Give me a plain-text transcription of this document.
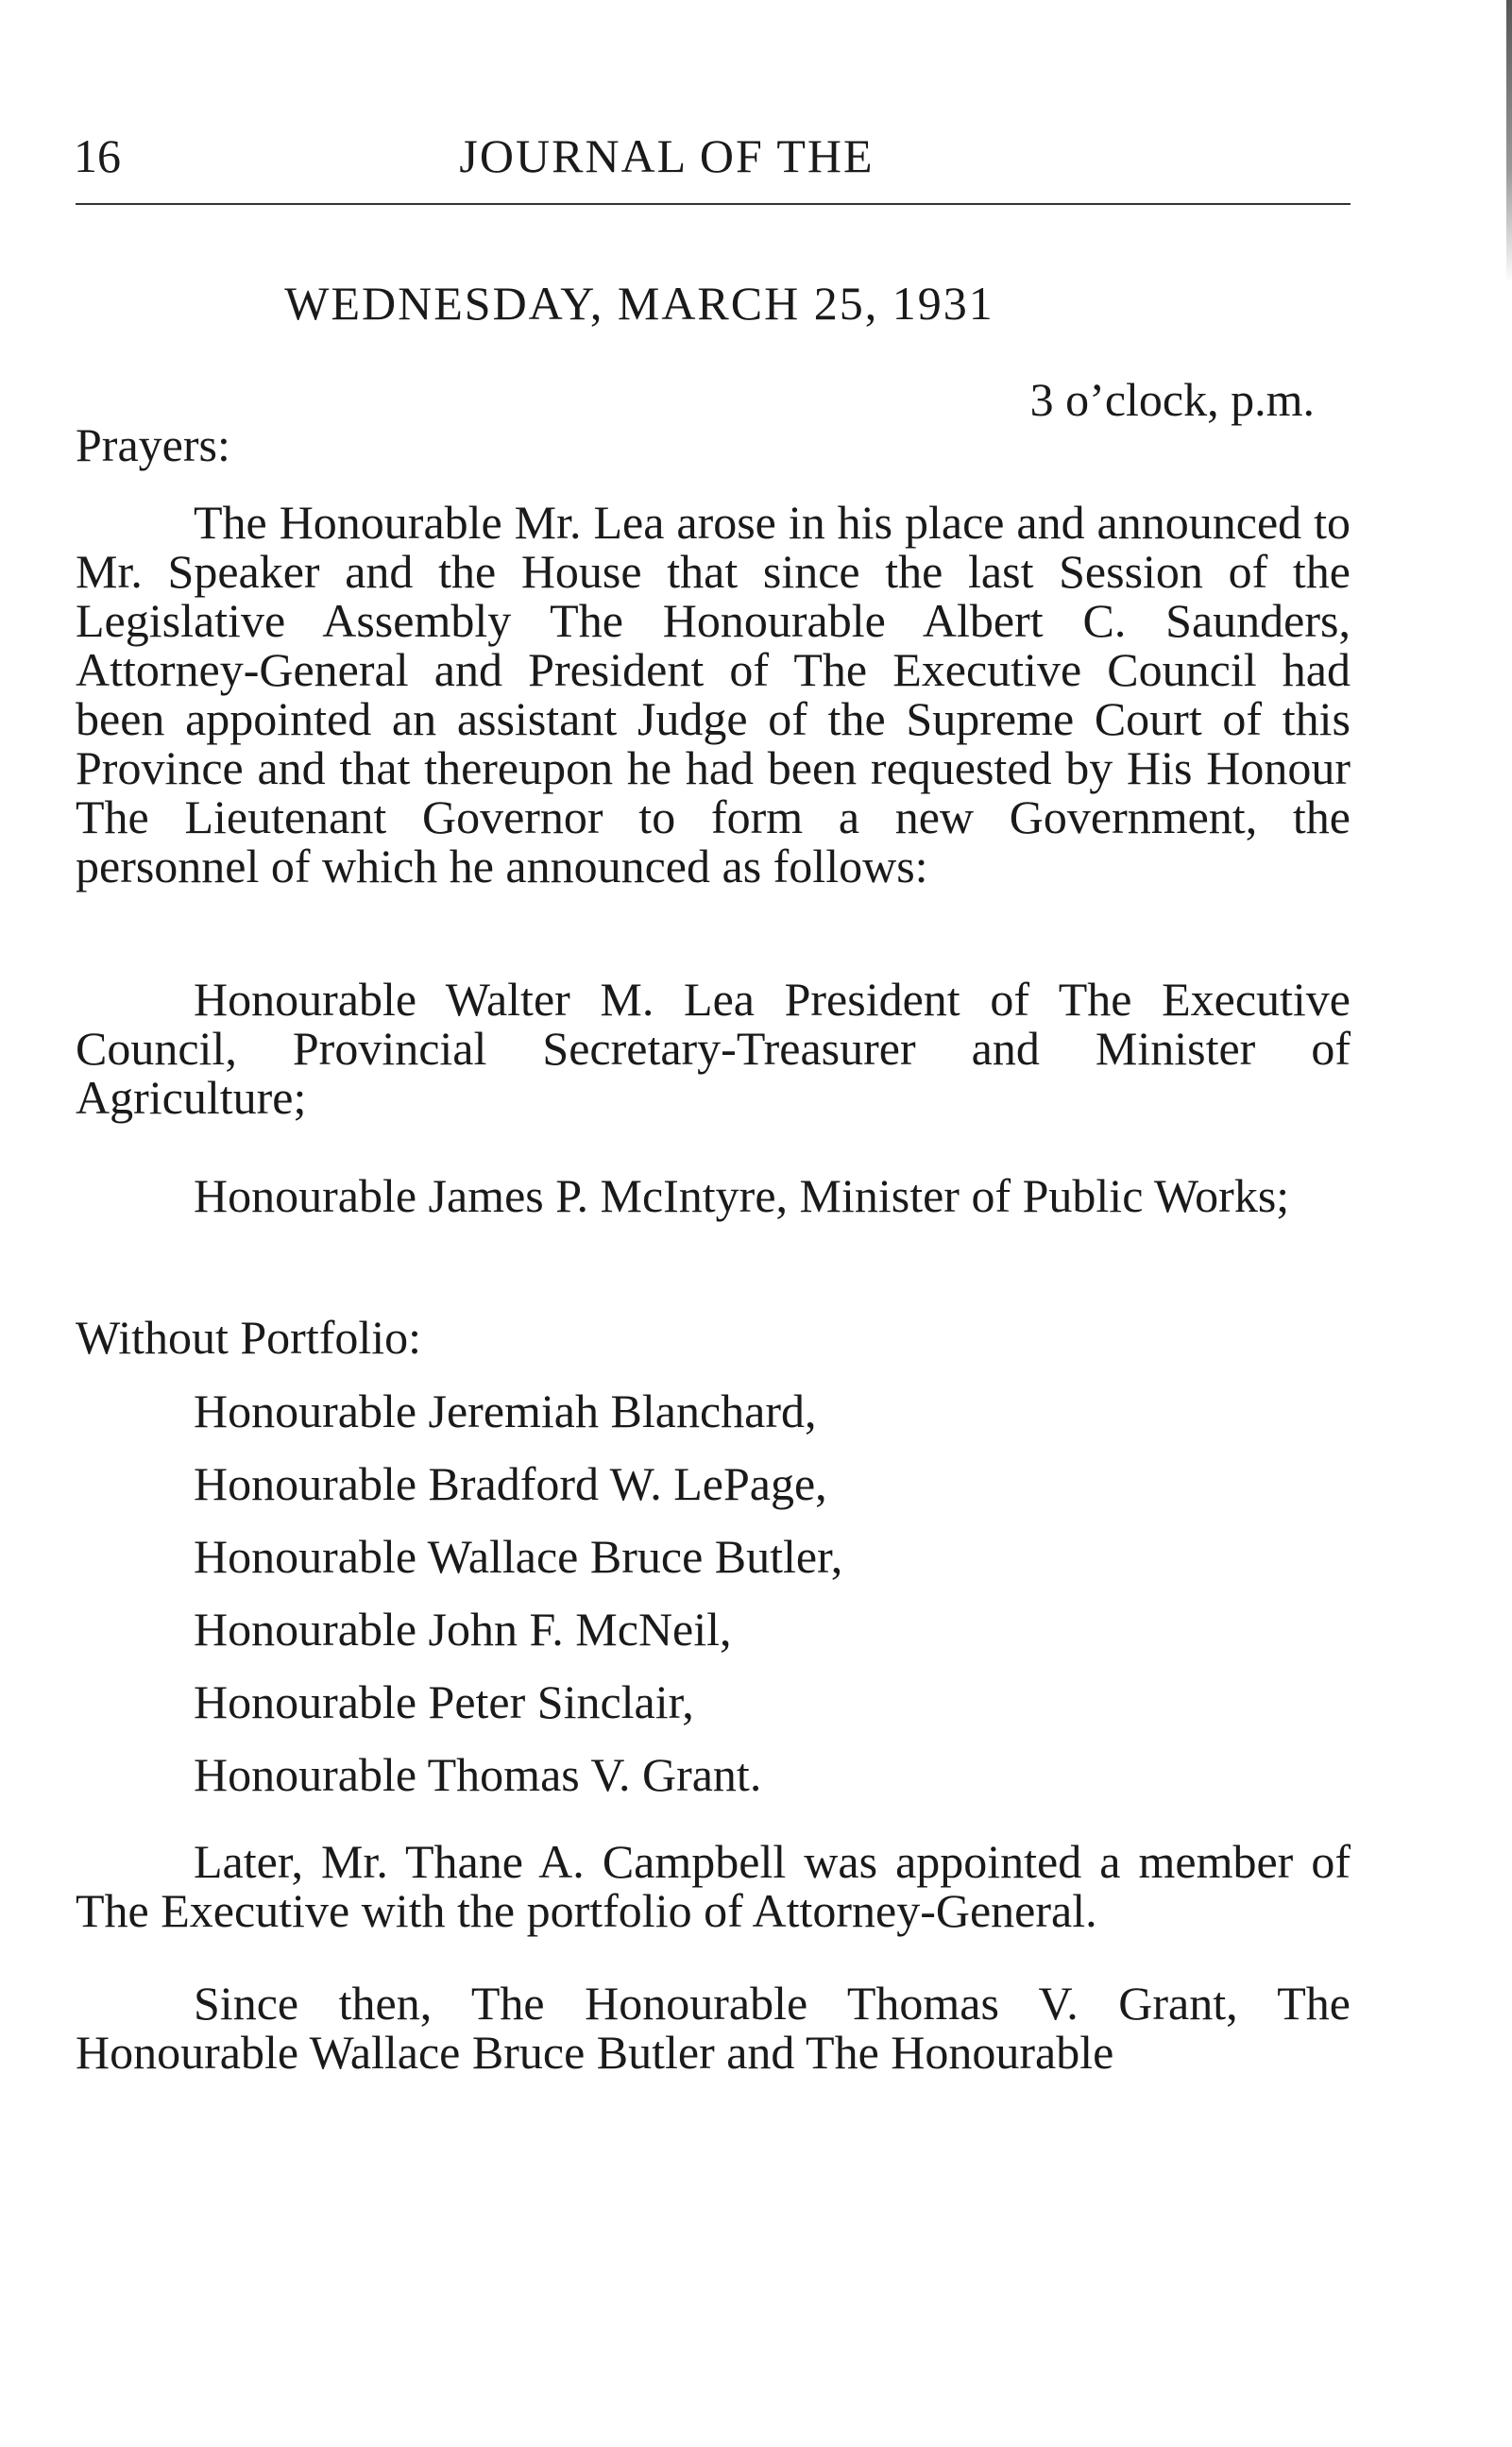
16	JOURNAL OF THE
WEDNESDAY, MARCH 25, 1931
3 o’clock, p.m.
Prayers:
The Honourable Mr. Lea arose in his place and announced to Mr. Speaker and the House that since the last Session of the Legislative Assembly The Honourable Albert C. Saunders, Attorney-General and President of The Executive Council had been appointed an assistant Judge of the Supreme Court of this Province and that thereupon he had been requested by His Honour The Lieutenant Governor to form a new Government, the personnel of which he announced as follows:
Honourable Walter M. Lea President of The Executive Council, Provincial Secretary-Treasurer and Minister of Agriculture;
Honourable James P. McIntyre, Minister of Public Works;
Without Portfolio:
Honourable Jeremiah Blanchard,
Honourable Bradford W. LePage,
Honourable Wallace Bruce Butler,
Honourable John F. McNeil,
Honourable Peter Sinclair,
Honourable Thomas V. Grant.
Later, Mr. Thane A. Campbell was appointed a member of The Executive with the portfolio of Attorney-General.
Since then, The Honourable Thomas V. Grant, The Honourable Wallace Bruce Butler and The Honourable
